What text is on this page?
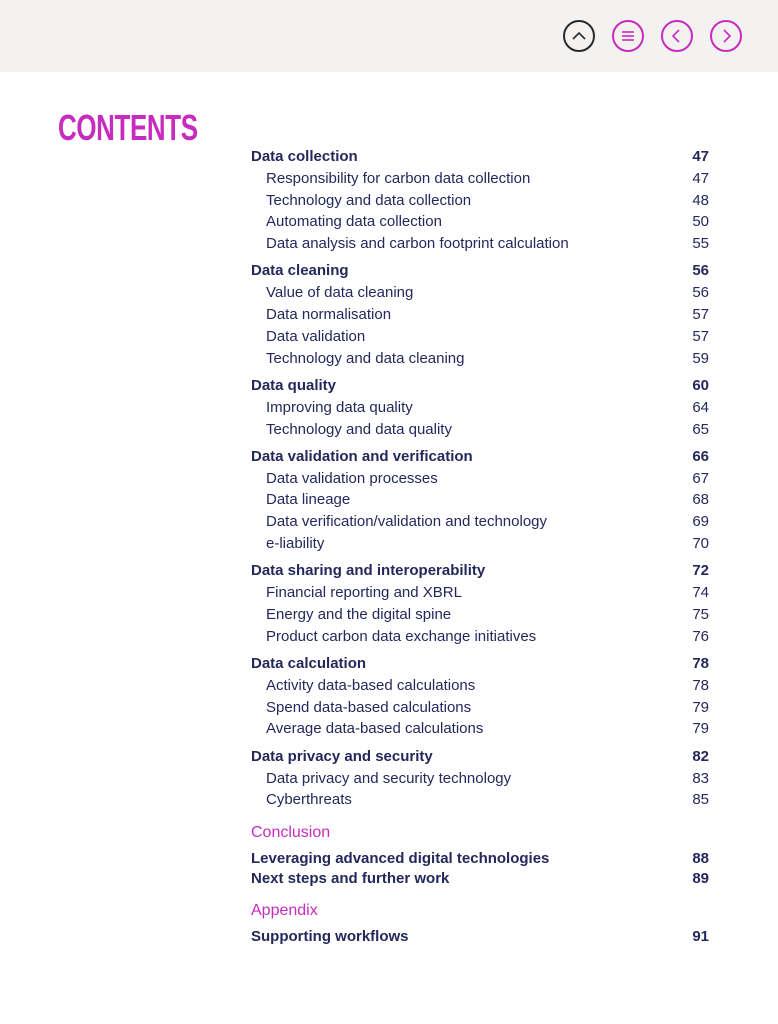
CONTENTS
Data collection	47
Responsibility for carbon data collection	47
Technology and data collection	48
Automating data collection	50
Data analysis and carbon footprint calculation	55
Data cleaning	56
Value of data cleaning	56
Data normalisation	57
Data validation	57
Technology and data cleaning	59
Data quality	60
Improving data quality	64
Technology and data quality	65
Data validation and verification	66
Data validation processes	67
Data lineage	68
Data verification/validation and technology	69
e-liability	70
Data sharing and interoperability	72
Financial reporting and XBRL	74
Energy and the digital spine	75
Product carbon data exchange initiatives	76
Data calculation	78
Activity data-based calculations	78
Spend data-based calculations	79
Average data-based calculations	79
Data privacy and security	82
Data privacy and security technology	83
Cyberthreats	85
Conclusion
Leveraging advanced digital technologies	88
Next steps and further work	89
Appendix
Supporting workflows	91
